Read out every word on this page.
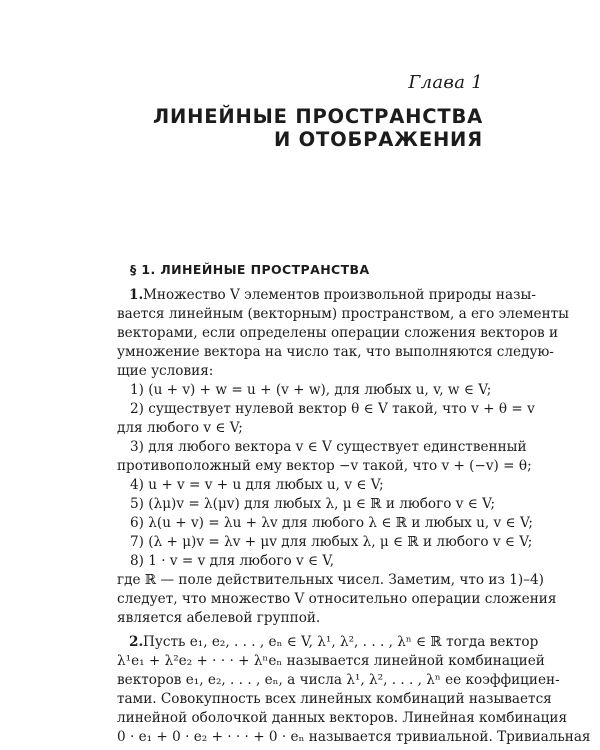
Глава 1
ЛИНЕЙНЫЕ ПРОСТРАНСТВА
И ОТОБРАЖЕНИЯ
§ 1. ЛИНЕЙНЫЕ ПРОСТРАНСТВА
1. Множество V элементов произвольной природы назы-
вается линейным (векторным) пространством, а его элементы
векторами, если определены операции сложения векторов и
умножение вектора на число так, что выполняются следую-
щие условия:
1) (u + v) + w = u + (v + w), для любых u, v, w ∈ V;
2) существует нулевой вектор θ ∈ V такой, что v + θ = v
для любого v ∈ V;
3) для любого вектора v ∈ V существует единственный
противоположный ему вектор −v такой, что v + (−v) = θ;
4) u + v = v + u для любых u, v ∈ V;
5) (λμ)v = λ(μv) для любых λ, μ ∈ ℝ и любого v ∈ V;
6) λ(u + v) = λu + λv для любого λ ∈ ℝ и любых u, v ∈ V;
7) (λ + μ)v = λv + μv для любых λ, μ ∈ ℝ и любого v ∈ V;
8) 1 · v = v для любого v ∈ V,
где ℝ — поле действительных чисел. Заметим, что из 1)–4)
следует, что множество V относительно операции сложения
является абелевой группой.
2. Пусть e₁, e₂, . . . , eₙ ∈ V, λ¹, λ², . . . , λⁿ ∈ ℝ тогда вектор
λ¹e₁ + λ²e₂ + · · · + λⁿeₙ называется линейной комбинацией
векторов e₁, e₂, . . . , eₙ, а числа λ¹, λ², . . . , λⁿ ее коэффициен-
тами. Совокупность всех линейных комбинаций называется
линейной оболочкой данных векторов. Линейная комбинация
0 · e₁ + 0 · e₂ + · · · + 0 · eₙ называется тривиальной. Тривиальная
